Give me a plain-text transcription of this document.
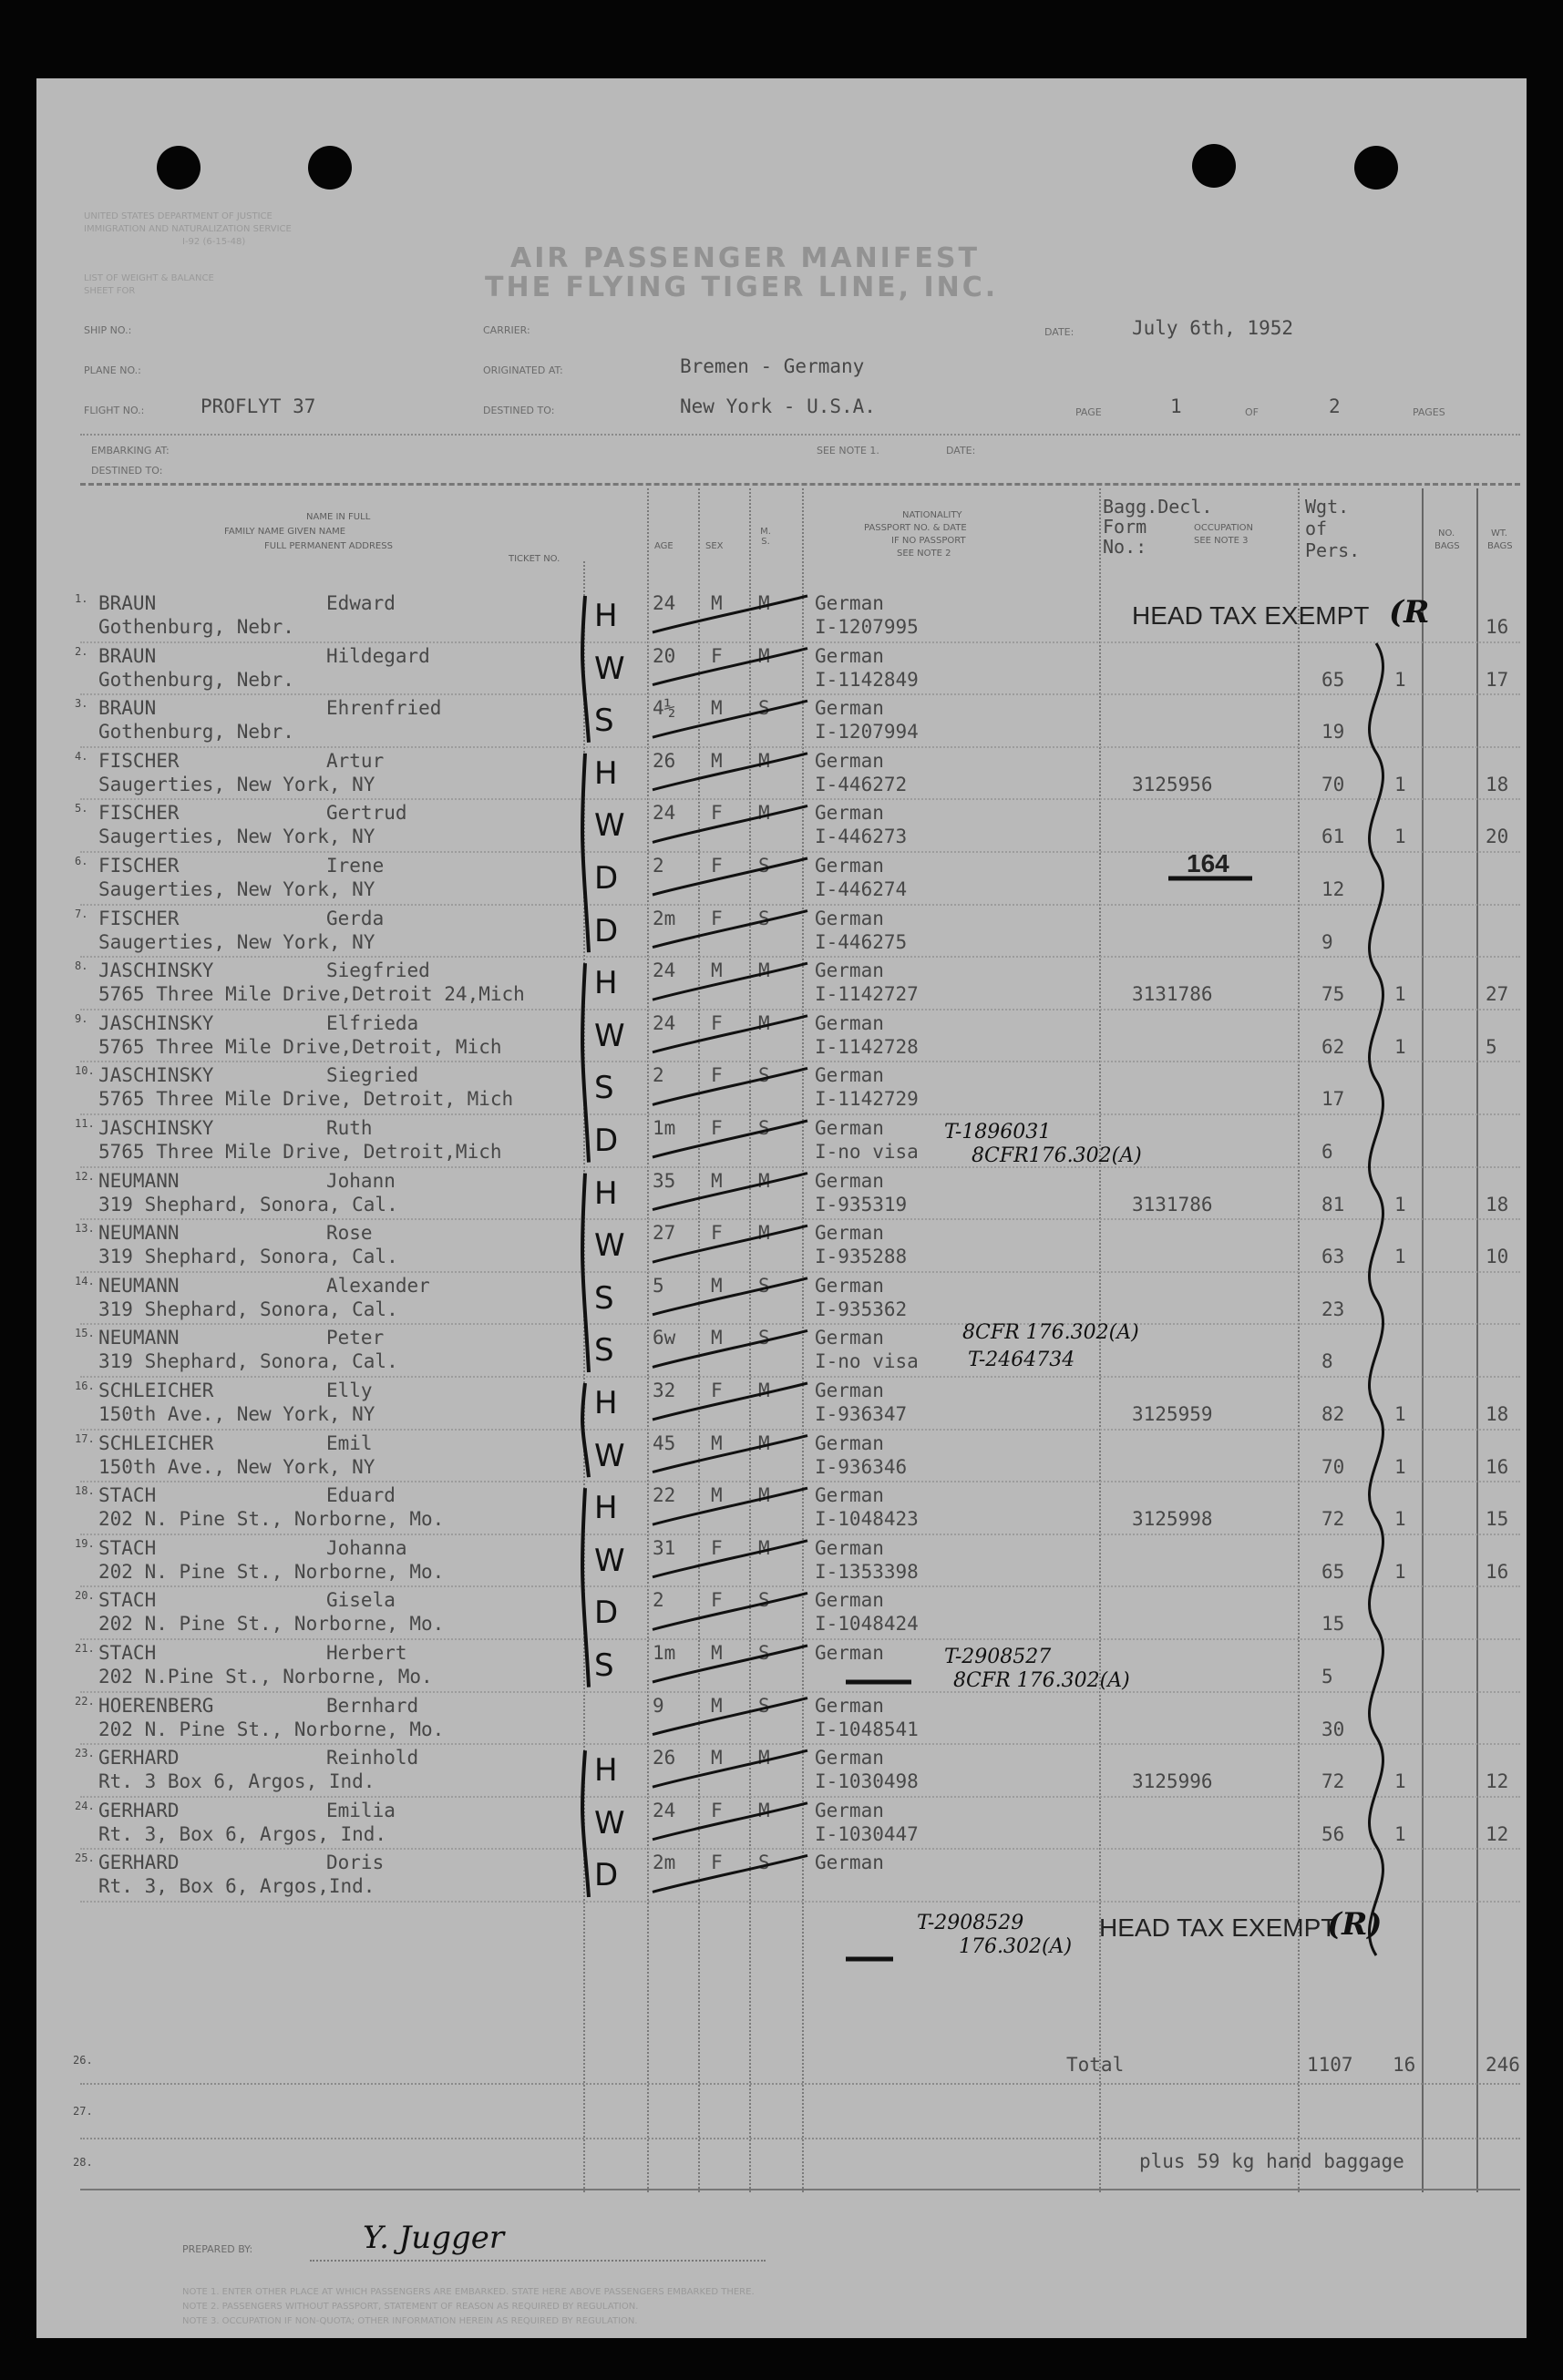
UNITED STATES DEPARTMENT OF JUSTICE
IMMIGRATION AND NATURALIZATION SERVICE
I-92 (6-15-48)
LIST OF WEIGHT & BALANCE
SHEET FOR
AIR PASSENGER MANIFEST
THE FLYING TIGER LINE, INC.
SHIP NO.:	CARRIER:	DATE:	July 6th, 1952
PLANE NO.:	ORIGINATED AT:	Bremen - Germany
FLIGHT NO.:	PROFLYT 37	DESTINED TO:	New York - U.S.A.	PAGE	1	OF	2	PAGES
EMBARKING AT:
DESTINED TO:
SEE NOTE 1.	DATE:
NAME IN FULL
FAMILY NAME GIVEN NAME
FULL PERMANENT ADDRESS
TICKET NO.
AGE	SEX
M. S.
NATIONALITY
PASSPORT NO. & DATE
IF NO PASSPORT
SEE NOTE 2
Bagg.Decl.
Form
No.:
OCCUPATION
SEE NOTE 3
Wgt.
of
Pers.
NO.
BAGS
WT.
BAGS
1. BRAUN	Edward
Gothenburg, Nebr.
24 M M German
I-1207995	16
H
2. BRAUN	Hildegard
Gothenburg, Nebr.
20 F M German
I-1142849	65	1	17
W
3. BRAUN	Ehrenfried
Gothenburg, Nebr.
4½ M S German
I-1207994	19
S
4. FISCHER	Artur
Saugerties, New York, NY
26 M M German
I-446272	3125956	70	1	18
H
5. FISCHER	Gertrud
Saugerties, New York, NY
24 F M German
I-446273	61	1	20
W
6. FISCHER	Irene
Saugerties, New York, NY
2 F S German
I-446274	12
D
7. FISCHER	Gerda
Saugerties, New York, NY
2m F S German
I-446275	9
D
8. JASCHINSKY	Siegfried
5765 Three Mile Drive,Detroit 24,Mich
24 M M German
I-1142727	3131786	75	1	27
H
9. JASCHINSKY	Elfrieda
5765 Three Mile Drive,Detroit, Mich
24 F M German
I-1142728	62	1	5
W
10. JASCHINSKY	Siegried
5765 Three Mile Drive, Detroit, Mich
2 F S German
I-1142729	17
S
11. JASCHINSKY	Ruth
5765 Three Mile Drive, Detroit,Mich
1m F S German
I-no visa	6
D
12. NEUMANN	Johann
319 Shephard, Sonora, Cal.
35 M M German
I-935319	3131786	81	1	18
H
13. NEUMANN	Rose
319 Shephard, Sonora, Cal.
27 F M German
I-935288	63	1	10
W
14. NEUMANN	Alexander
319 Shephard, Sonora, Cal.
5 M S German
I-935362	23
S
15. NEUMANN	Peter
319 Shephard, Sonora, Cal.
6w M S German
I-no visa	8
S
16. SCHLEICHER	Elly
150th Ave., New York, NY
32 F M German
I-936347	3125959	82	1	18
H
17. SCHLEICHER	Emil
150th Ave., New York, NY
45 M M German
I-936346	70	1	16
W
18. STACH	Eduard
202 N. Pine St., Norborne, Mo.
22 M M German
I-1048423	3125998	72	1	15
H
19. STACH	Johanna
202 N. Pine St., Norborne, Mo.
31 F M German
I-1353398	65	1	16
W
20. STACH	Gisela
202 N. Pine St., Norborne, Mo.
2 F S German
I-1048424	15
D
21. STACH	Herbert
202 N.Pine St., Norborne, Mo.
1m M S German
5
S
22. HOERENBERG	Bernhard
202 N. Pine St., Norborne, Mo.
9 M S German
I-1048541	30
23. GERHARD	Reinhold
Rt. 3 Box 6, Argos, Ind.
26 M M German
I-1030498	3125996	72	1	12
H
24. GERHARD	Emilia
Rt. 3, Box 6, Argos, Ind.
24 F M German
I-1030447	56	1	12
W
25. GERHARD	Doris
Rt. 3, Box 6, Argos,Ind.
2m F S German
D
26.
27.
28.
Total	1107 16	246
plus 59 kg hand baggage
PREPARED BY:	Y. Jugger
NOTE 1. ENTER OTHER PLACE AT WHICH PASSENGERS ARE EMBARKED. STATE HERE ABOVE PASSENGERS EMBARKED THERE.
NOTE 2. PASSENGERS WITHOUT PASSPORT, STATEMENT OF REASON AS REQUIRED BY REGULATION.
NOTE 3. OCCUPATION IF NON-QUOTA; OTHER INFORMATION HEREIN AS REQUIRED BY REGULATION.
HEAD TAX EXEMPT (R
164
T-1896031
8CFR176.302(A)
8CFR 176.302(A)
T-2464734
T-2908527
8CFR 176.302(A)
T-2908529
176.302(A)
HEAD TAX EXEMPT
(R)
